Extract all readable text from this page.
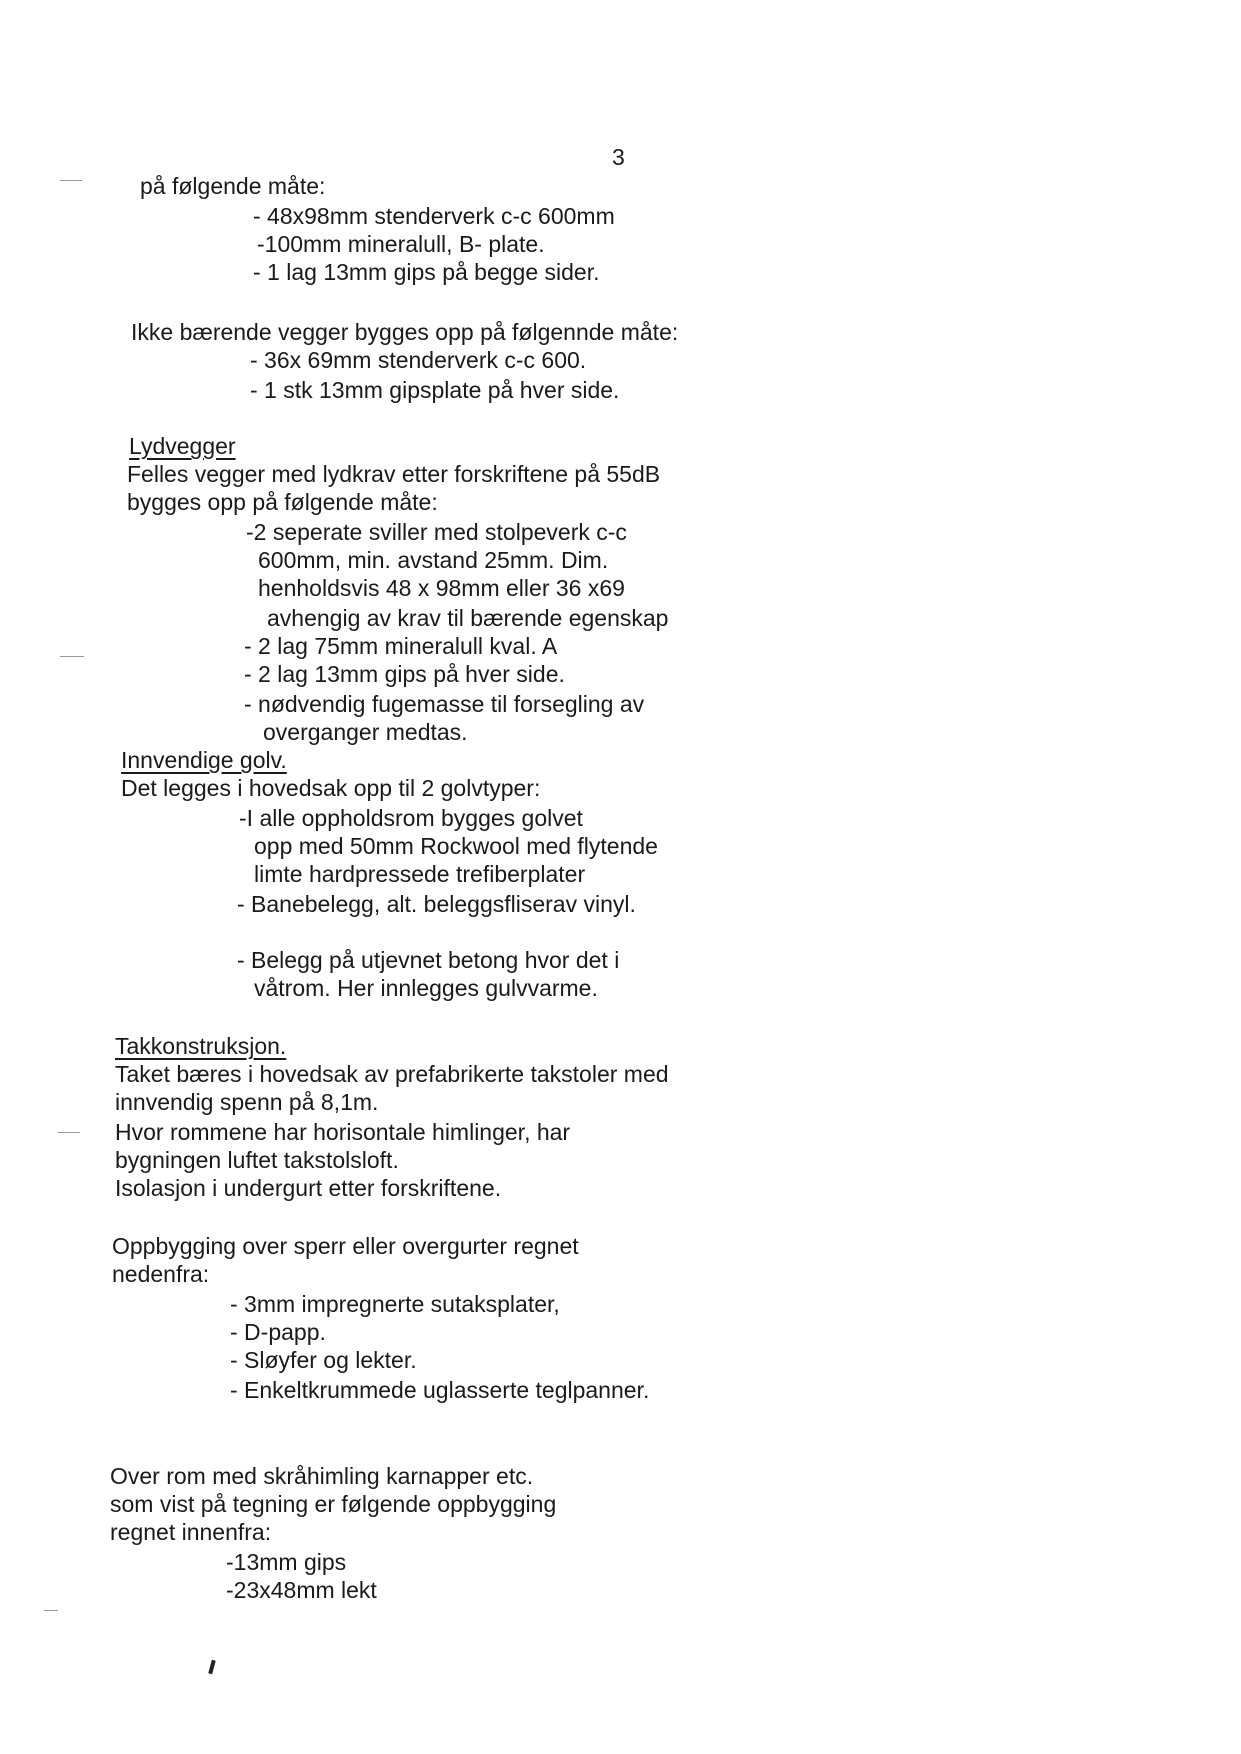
3
på følgende måte:
- 48x98mm stenderverk c-c 600mm
-100mm mineralull, B- plate.
- 1 lag 13mm gips på begge sider.
Ikke bærende vegger bygges opp på følgennde måte:
- 36x 69mm stenderverk c-c 600.
- 1 stk 13mm gipsplate på hver side.
Lydvegger
Felles vegger med lydkrav etter forskriftene på 55dB
bygges opp på følgende måte:
-2 seperate sviller med stolpeverk c-c
600mm, min. avstand 25mm. Dim.
henholdsvis 48 x 98mm eller 36 x69
avhengig av krav til bærende egenskap
- 2 lag 75mm mineralull kval. A
- 2 lag 13mm gips på hver side.
- nødvendig fugemasse til forsegling av
overganger medtas.
Innvendige golv.
Det legges i hovedsak opp til 2 golvtyper:
-I alle oppholdsrom bygges golvet
opp med 50mm Rockwool med flytende
limte hardpressede trefiberplater
- Banebelegg, alt. beleggsfliserav vinyl.
- Belegg på utjevnet betong hvor det i
våtrom. Her innlegges gulvvarme.
Takkonstruksjon.
Taket bæres i hovedsak av prefabrikerte takstoler med
innvendig spenn på 8,1m.
Hvor rommene har horisontale himlinger, har
bygningen luftet takstolsloft.
Isolasjon i undergurt etter forskriftene.
Oppbygging over sperr eller overgurter regnet
nedenfra:
- 3mm impregnerte sutaksplater,
- D-papp.
- Sløyfer og lekter.
- Enkeltkrummede uglasserte teglpanner.
Over rom med skråhimling karnapper etc.
som vist på tegning er følgende oppbygging
regnet innenfra:
-13mm gips
-23x48mm lekt
